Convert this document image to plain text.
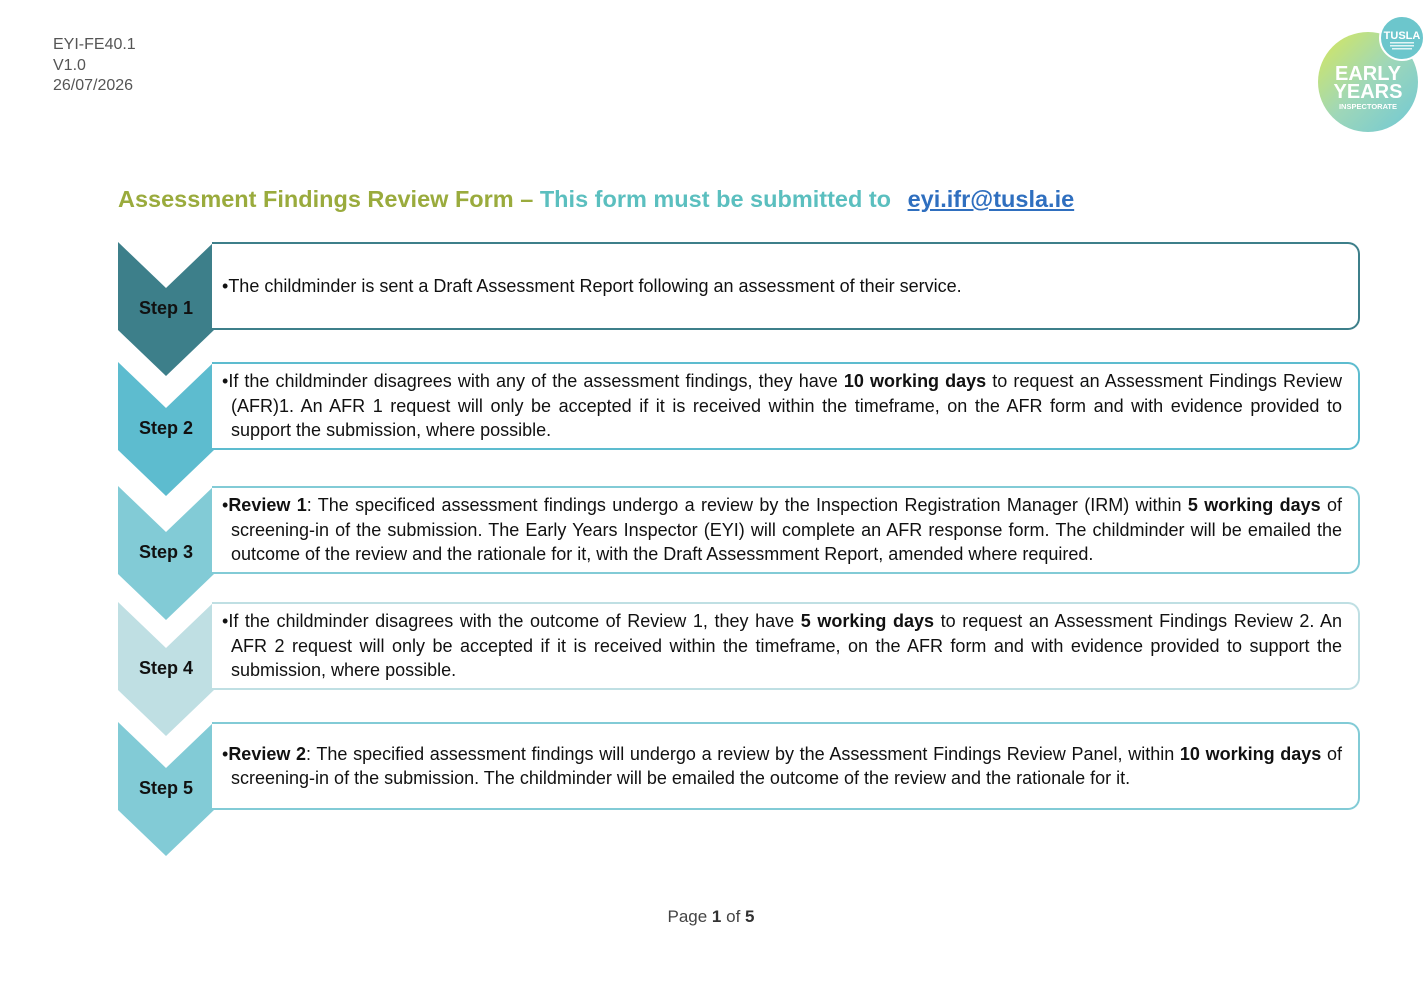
EYI-FE40.1
V1.0
26/07/2026
TUSLA
EARLY
YEARS
INSPECTORATE
Assessment Findings Review Form – This form must be submitted to eyi.ifr@tusla.ie
Step 1
•The childminder is sent a Draft Assessment Report following an assessment of their service.
Step 2
•If the childminder disagrees with any of the assessment findings, they have 10 working days to request an Assessment Findings Review (AFR)1. An AFR 1 request will only be accepted if it is received within the timeframe, on the AFR form and with evidence provided to support the submission, where possible.
Step 3
•Review 1: The specificed assessment findings undergo a review by the Inspection Registration Manager (IRM) within 5 working days of screening-in of the submission. The Early Years Inspector (EYI) will complete an AFR response form. The childminder will be emailed the outcome of the review and the rationale for it, with the Draft Assessmment Report, amended where required.
Step 4
•If the childminder disagrees with the outcome of Review 1, they have 5 working days to request an Assessment Findings Review 2. An AFR 2 request will only be accepted if it is received within the timeframe, on the AFR form and with evidence provided to support the submission, where possible.
Step 5
•Review 2: The specified assessment findings will undergo a review by the Assessment Findings Review Panel, within 10 working days of screening-in of the submission. The childminder will be emailed the outcome of the review and the rationale for it.
Page 1 of 5
